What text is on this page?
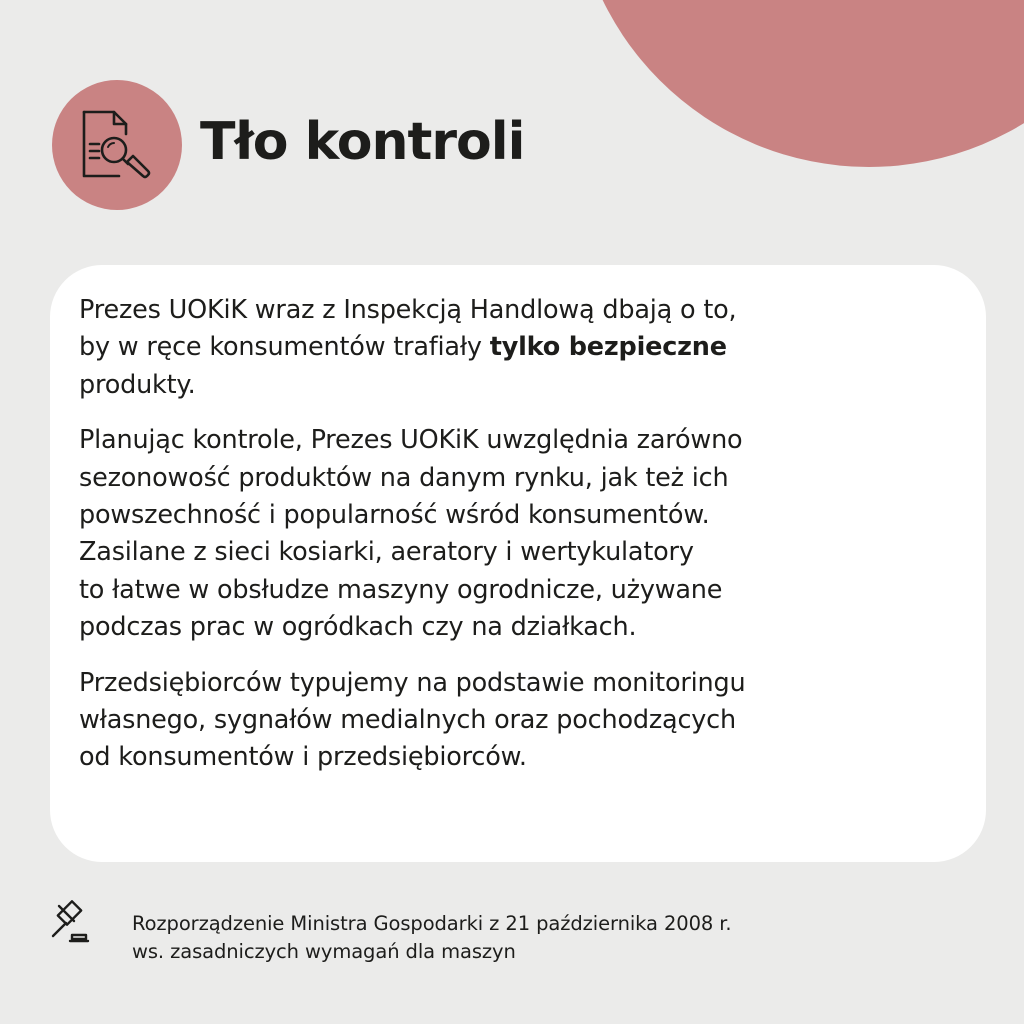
Tło kontroli

Prezes UOKiK wraz z Inspekcją Handlową dbają o to,
by w ręce konsumentów trafiały tylko bezpieczne
produkty.

Planując kontrole, Prezes UOKiK uwzględnia zarówno
sezonowość produktów na danym rynku, jak też ich
powszechność i popularność wśród konsumentów.
Zasilane z sieci kosiarki, aeratory i wertykulatory
to łatwe w obsłudze maszyny ogrodnicze, używane
podczas prac w ogródkach czy na działkach.

Przedsiębiorców typujemy na podstawie monitoringu
własnego, sygnałów medialnych oraz pochodzących
od konsumentów i przedsiębiorców.

Rozporządzenie Ministra Gospodarki z 21 października 2008 r.
ws. zasadniczych wymagań dla maszyn
